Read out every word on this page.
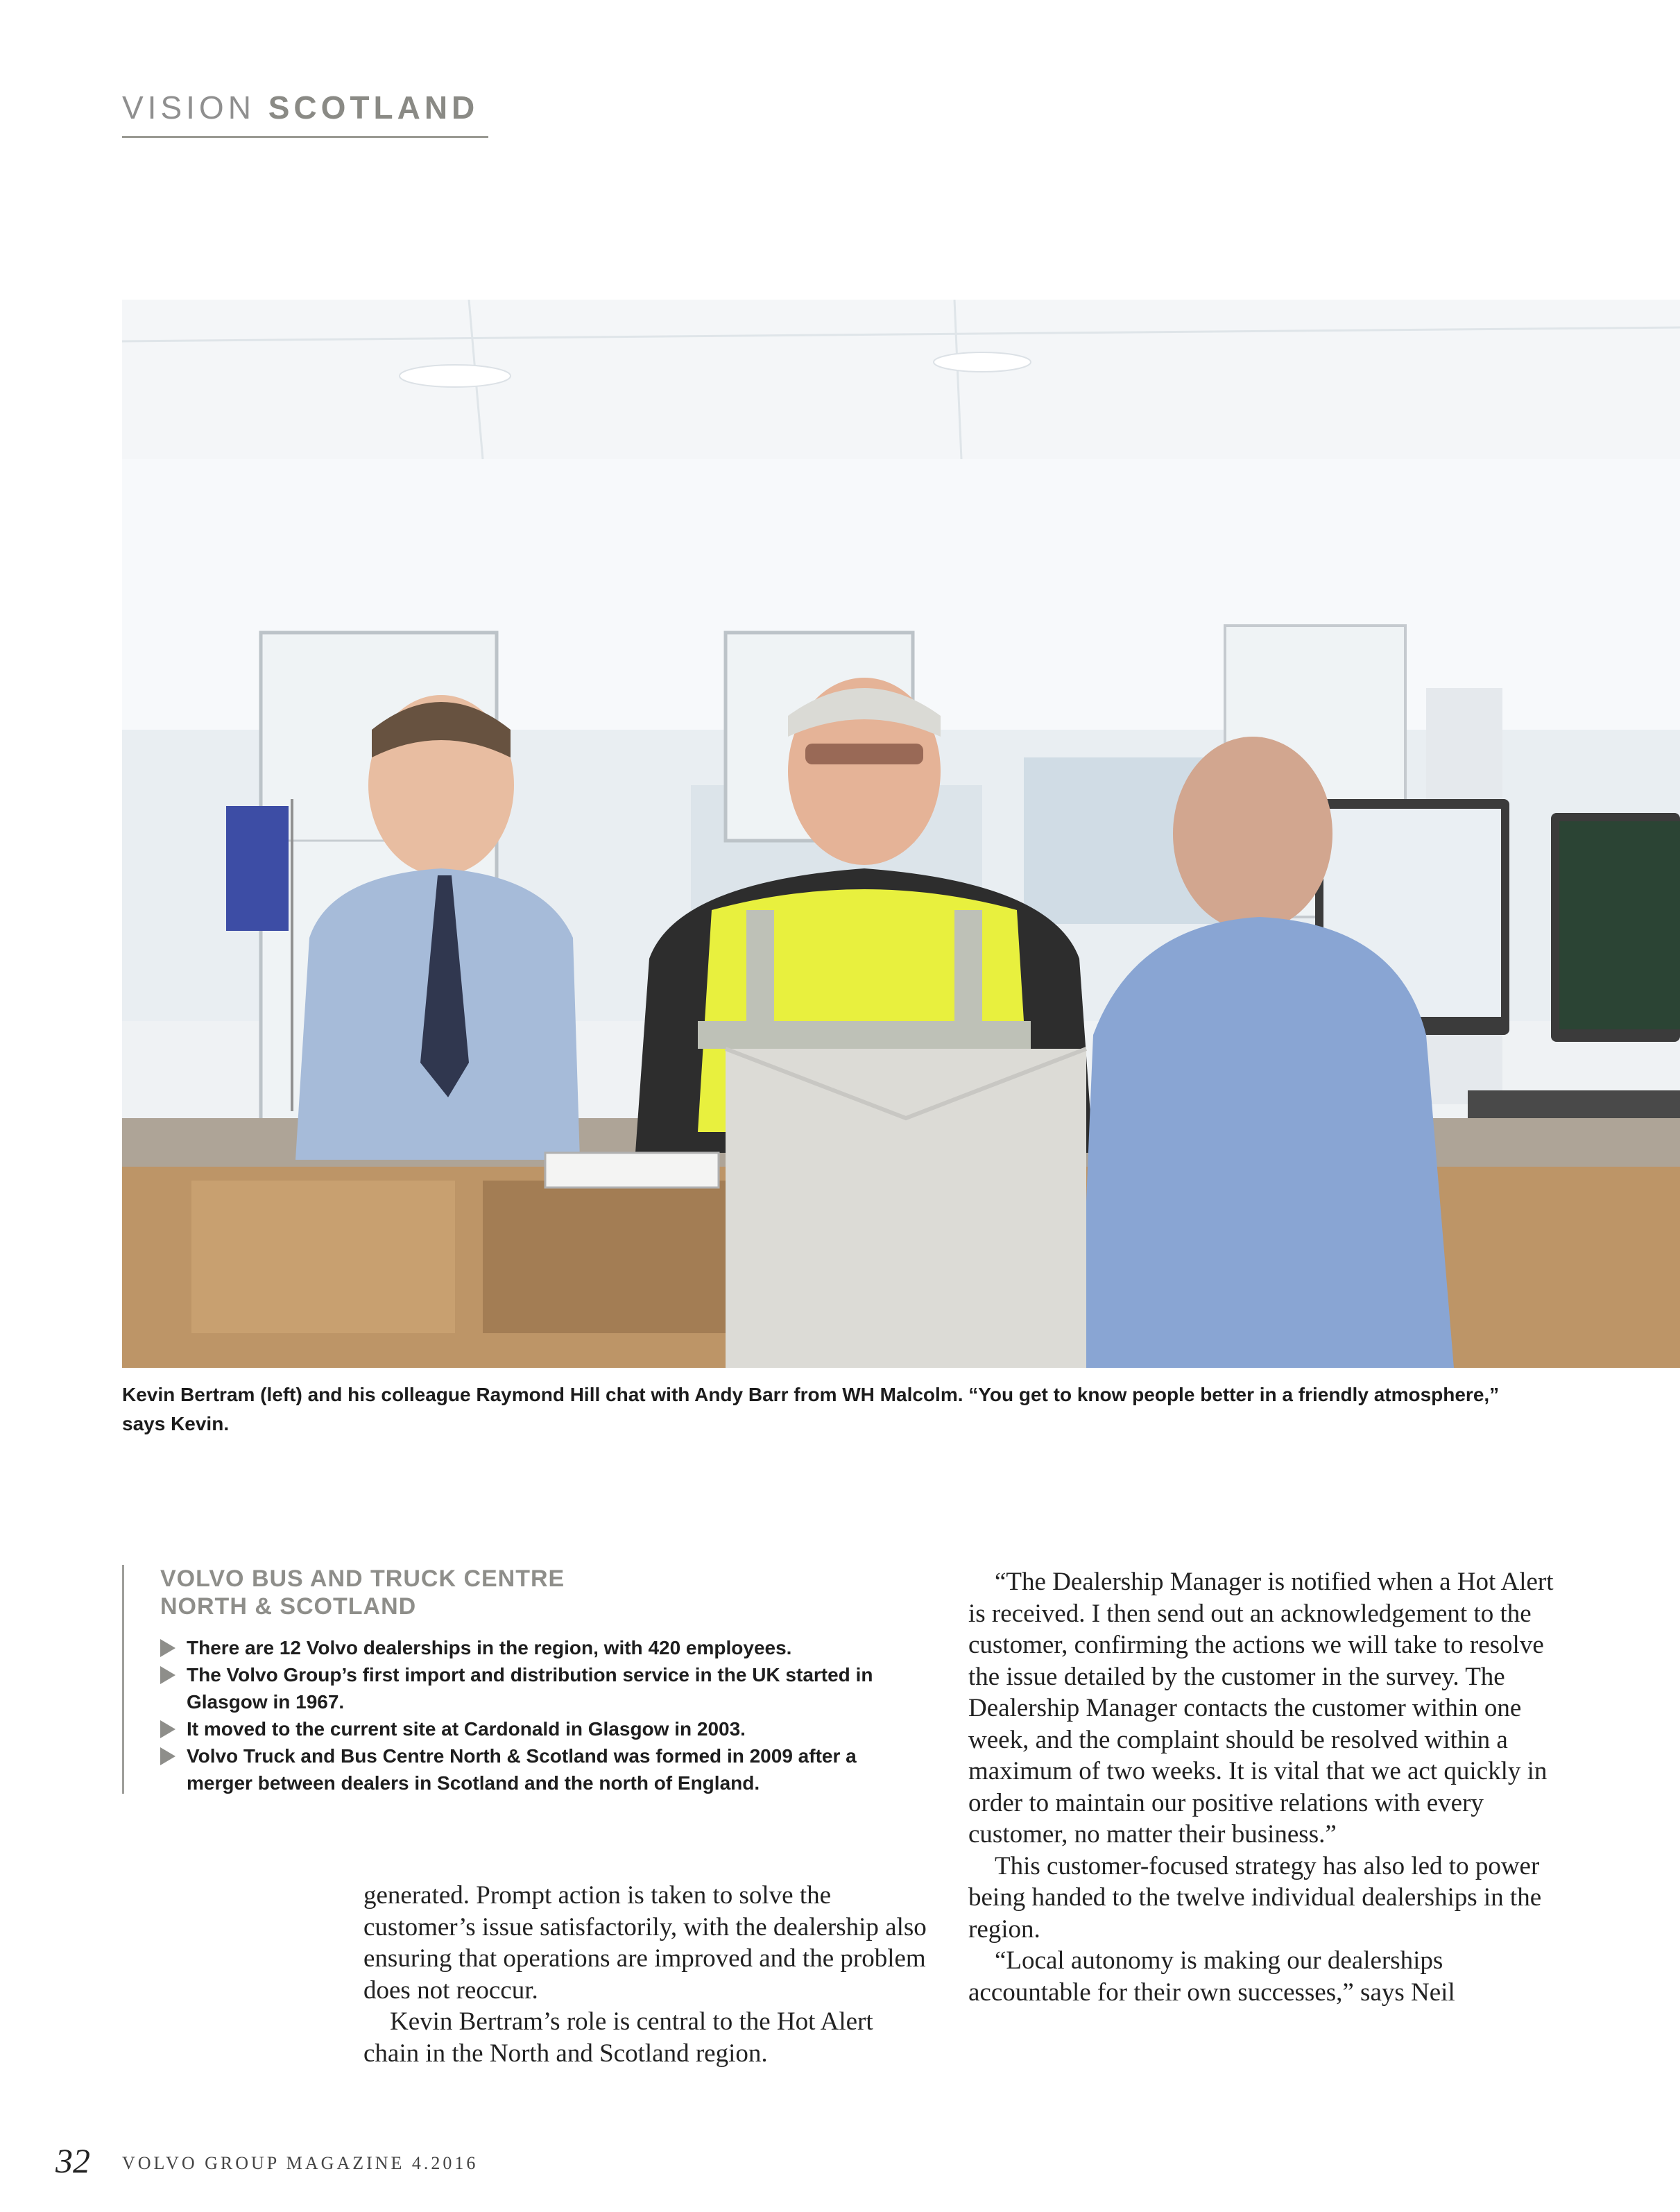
VISION SCOTLAND
Kevin Bertram (left) and his colleague Raymond Hill chat with Andy Barr from WH Malcolm. “You get to know people better in a friendly atmosphere,” says Kevin.
VOLVO BUS AND TRUCK CENTRE
NORTH & SCOTLAND
There are 12 Volvo dealerships in the region, with 420 employees.
The Volvo Group’s first import and distribution service in the UK started in Glasgow in 1967.
It moved to the current site at Cardonald in Glasgow in 2003.
Volvo Truck and Bus Centre North & Scotland was formed in 2009 after a merger between dealers in Scotland and the north of England.

generated. Prompt action is taken to solve the customer’s issue satisfactorily, with the dealership also ensuring that operations are improved and the problem does not reoccur.

Kevin Bertram’s role is central to the Hot Alert chain in the North and Scotland region.

“The Dealership Manager is notified when a Hot Alert is received. I then send out an acknowledgement to the customer, confirming the actions we will take to resolve the issue detailed by the customer in the survey. The Dealership Manager contacts the customer within one week, and the complaint should be resolved within a maximum of two weeks. It is vital that we act quickly in order to maintain our positive relations with every customer, no matter their business.”

This customer-focused strategy has also led to power being handed to the twelve individual dealerships in the region.

“Local autonomy is making our dealerships accountable for their own successes,” says Neil

32 VOLVO GROUP MAGAZINE 4.2016
